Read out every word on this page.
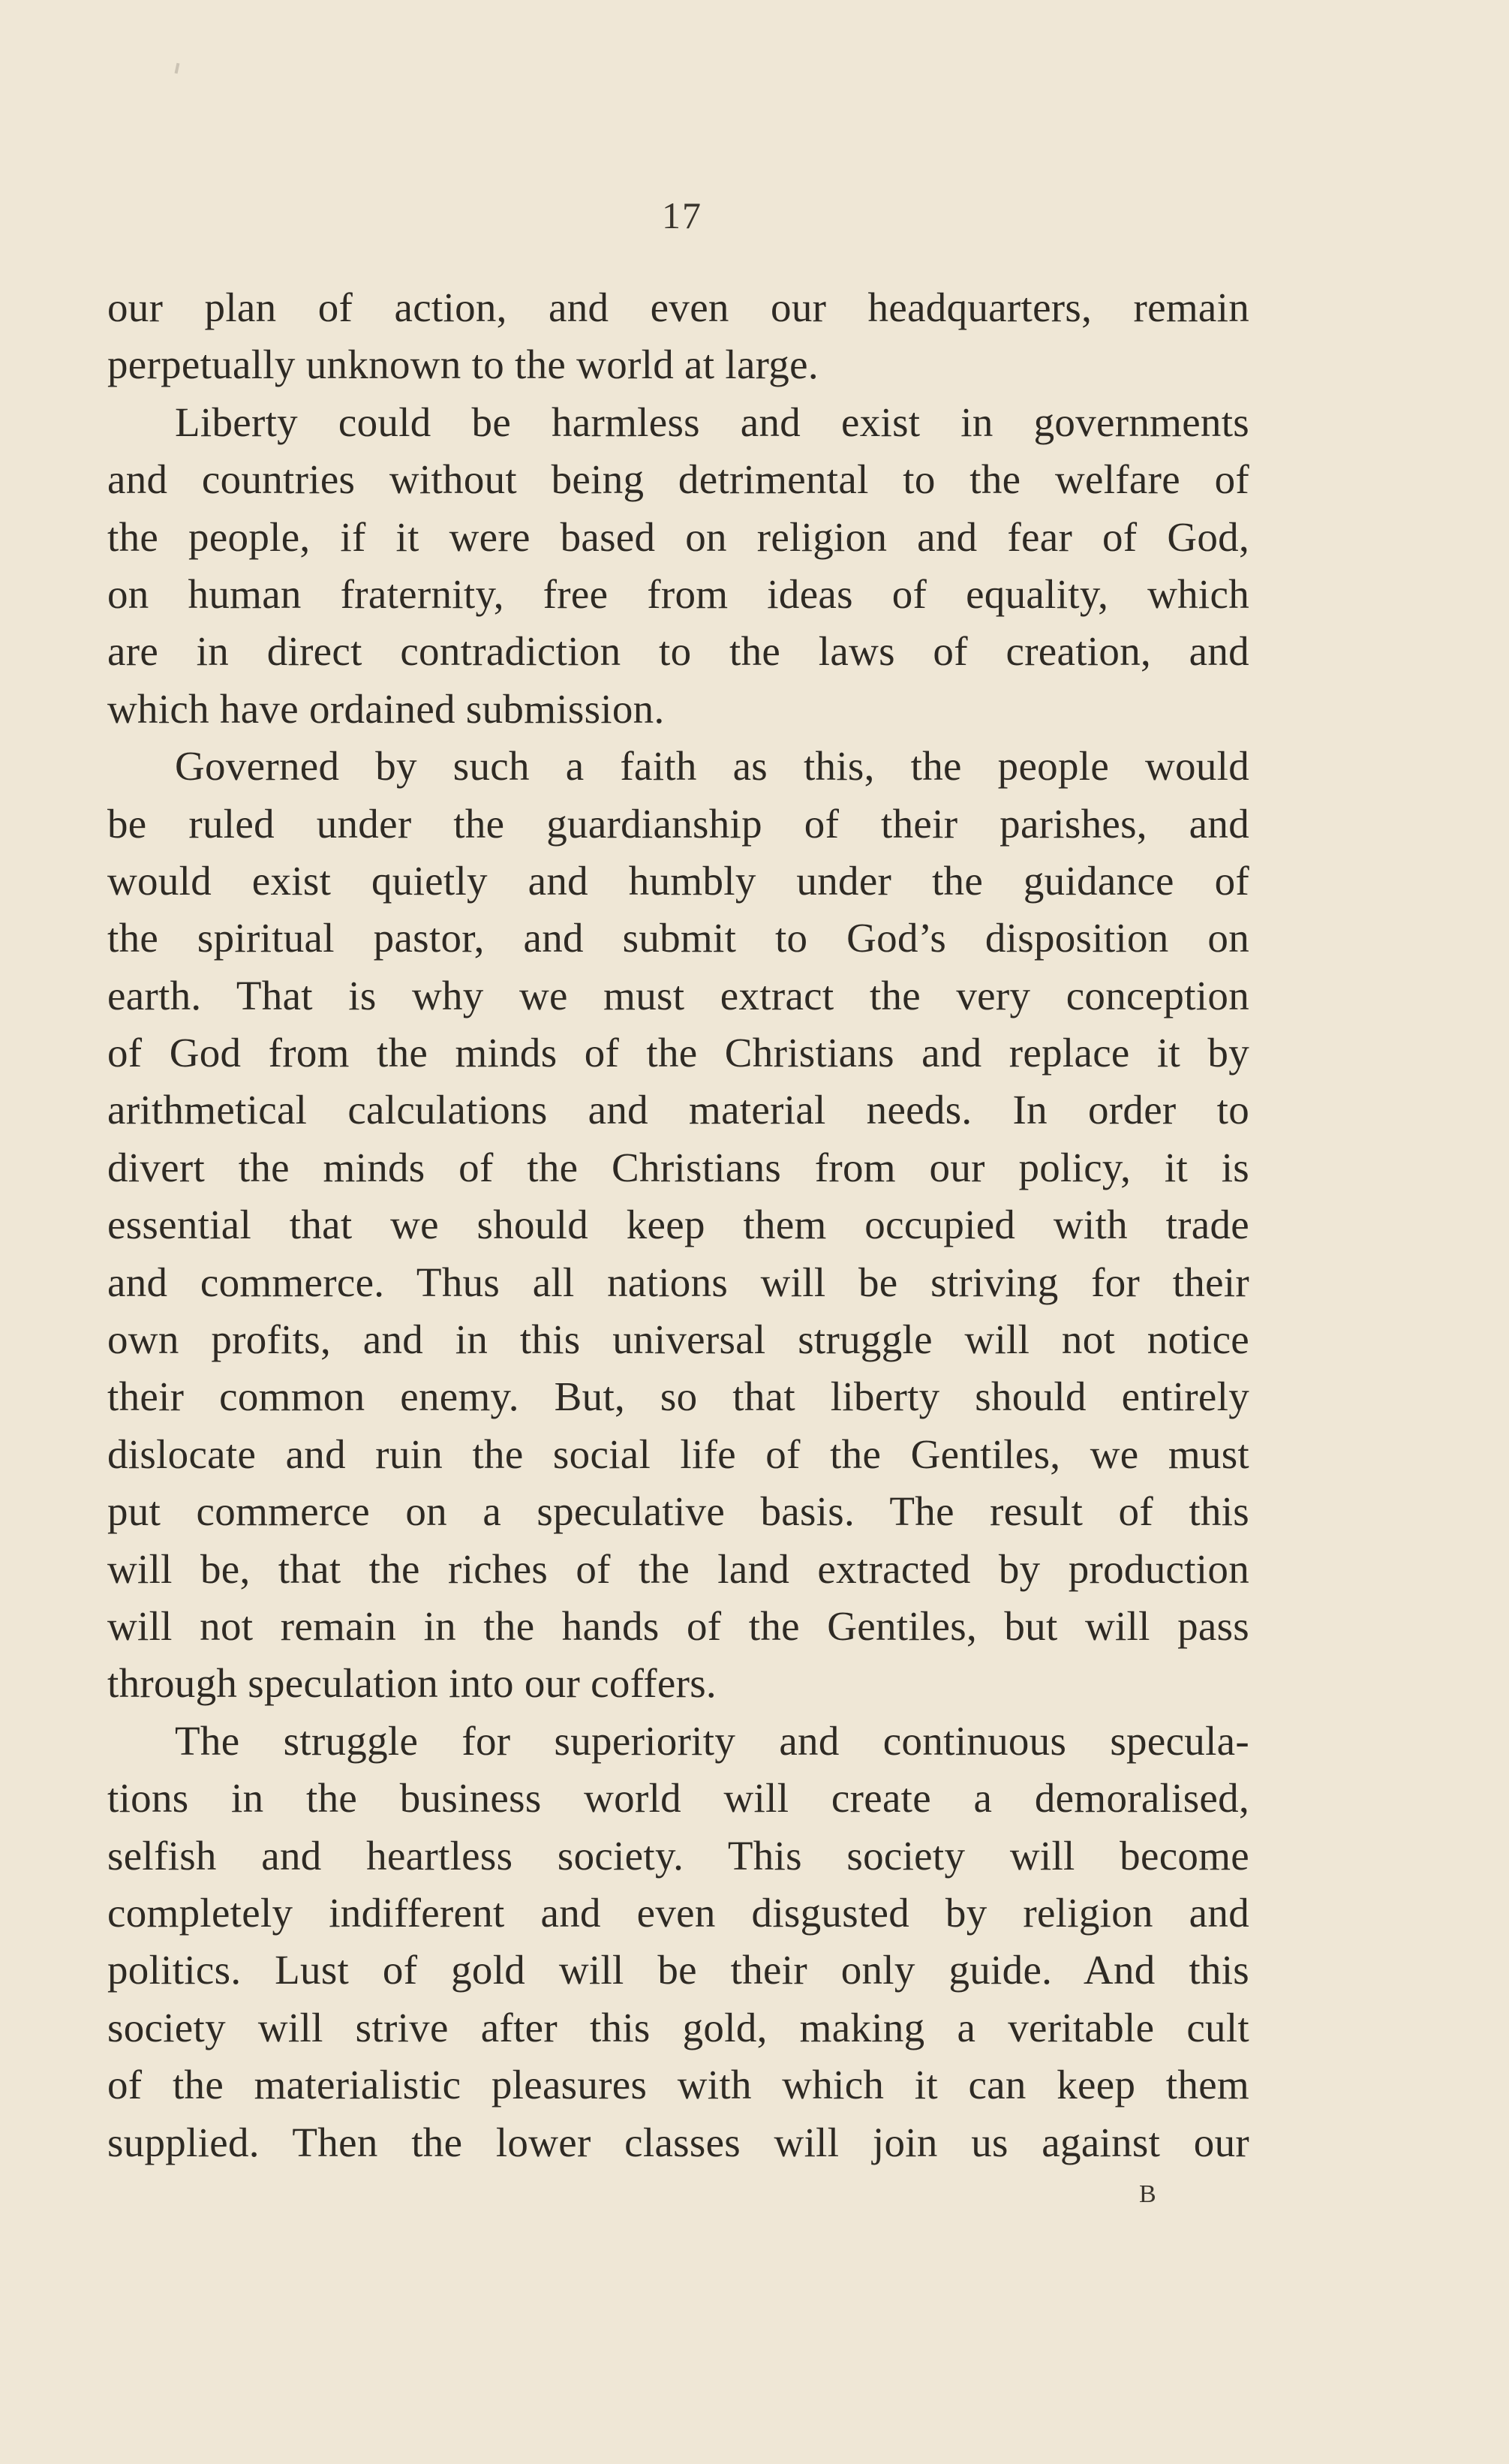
17
our plan of action, and even our headquarters, remain
perpetually unknown to the world at large.
Liberty could be harmless and exist in governments
and countries without being detrimental to the welfare of
the people, if it were based on religion and fear of God,
on human fraternity, free from ideas of equality, which
are in direct contradiction to the laws of creation, and
which have ordained submission.
Governed by such a faith as this, the people would
be ruled under the guardianship of their parishes, and
would exist quietly and humbly under the guidance of
the spiritual pastor, and submit to God’s disposition on
earth. That is why we must extract the very conception
of God from the minds of the Christians and replace it by
arithmetical calculations and material needs. In order to
divert the minds of the Christians from our policy, it is
essential that we should keep them occupied with trade
and commerce. Thus all nations will be striving for their
own profits, and in this universal struggle will not notice
their common enemy. But, so that liberty should entirely
dislocate and ruin the social life of the Gentiles, we must
put commerce on a speculative basis. The result of this
will be, that the riches of the land extracted by production
will not remain in the hands of the Gentiles, but will pass
through speculation into our coffers.
The struggle for superiority and continuous specula-
tions in the business world will create a demoralised,
selfish and heartless society. This society will become
completely indifferent and even disgusted by religion and
politics. Lust of gold will be their only guide. And this
society will strive after this gold, making a veritable cult
of the materialistic pleasures with which it can keep them
supplied. Then the lower classes will join us against our
B
